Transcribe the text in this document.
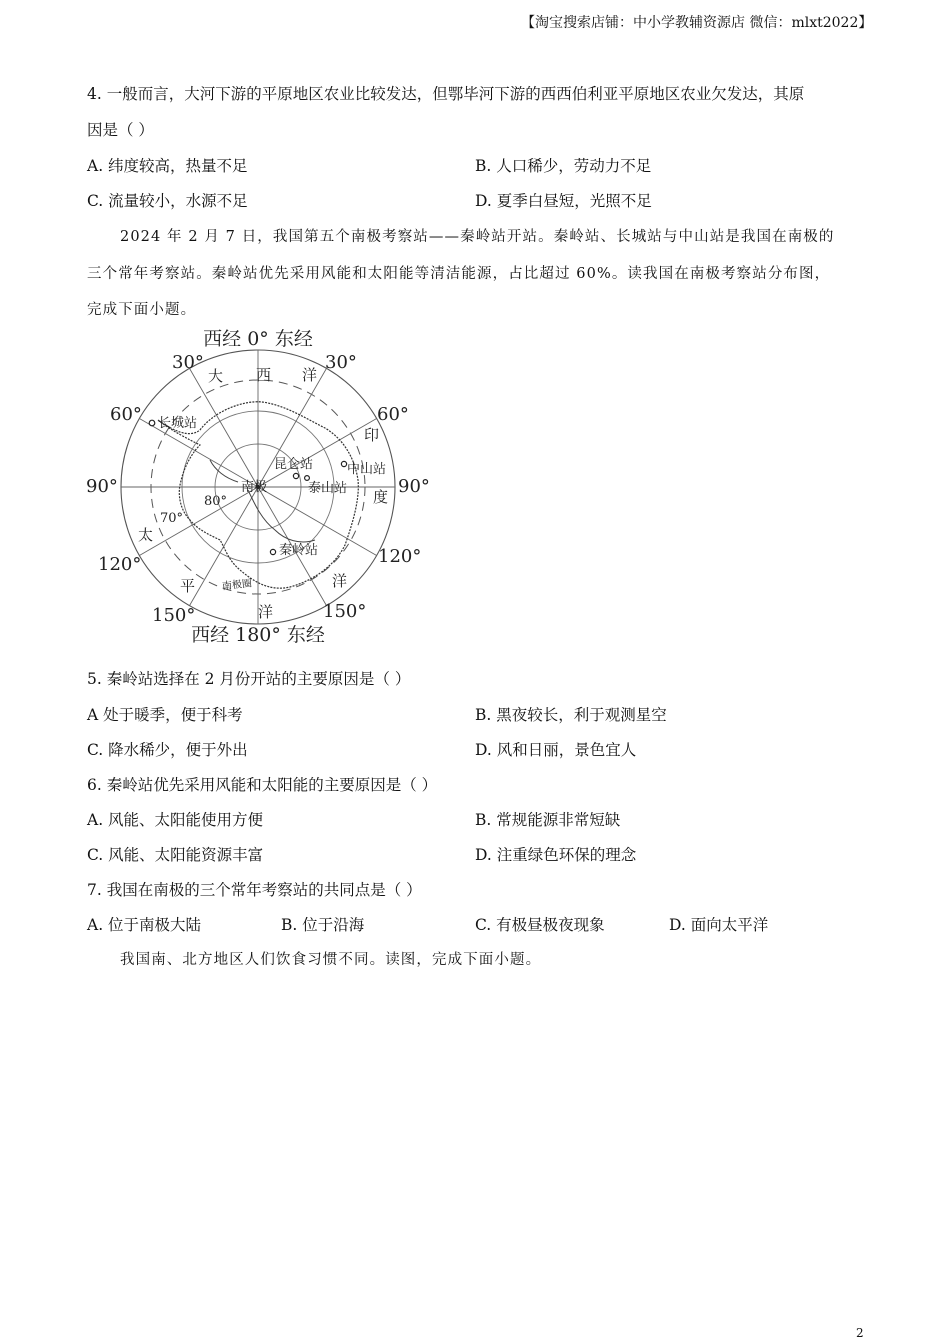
【淘宝搜索店铺：中小学教辅资源店 微信：mlxt2022】
4. 一般而言，大河下游的平原地区农业比较发达，但鄂毕河下游的西西伯利亚平原地区农业欠发达，其原
因是（ ）
A. 纬度较高，热量不足	B. 人口稀少，劳动力不足
C. 流量较小，水源不足	D. 夏季白昼短，光照不足
2024 年 2 月 7 日，我国第五个南极考察站——秦岭站开站。秦岭站、长城站与中山站是我国在南极的
三个常年考察站。秦岭站优先采用风能和太阳能等清洁能源，占比超过 60%。读我国在南极考察站分布图，
完成下面小题。
西经 0° 东经
西经 180° 东经
30°	30°
60°	60°
90°	90°
120°	120°
150°	150°
80°
70°
大 西 洋
印
度
洋
太
平
洋
南极圈
长城站
昆仑站	中山站
泰山站
秦岭站
南极
5. 秦岭站选择在 2 月份开站的主要原因是（ ）
A 处于暖季，便于科考	B. 黑夜较长，利于观测星空
C. 降水稀少，便于外出	D. 风和日丽，景色宜人
6. 秦岭站优先采用风能和太阳能的主要原因是（ ）
A. 风能、太阳能使用方便	B. 常规能源非常短缺
C. 风能、太阳能资源丰富	D. 注重绿色环保的理念
7. 我国在南极的三个常年考察站的共同点是（ ）
A. 位于南极大陆	B. 位于沿海	C. 有极昼极夜现象	D. 面向太平洋
我国南、北方地区人们饮食习惯不同。读图，完成下面小题。
2
